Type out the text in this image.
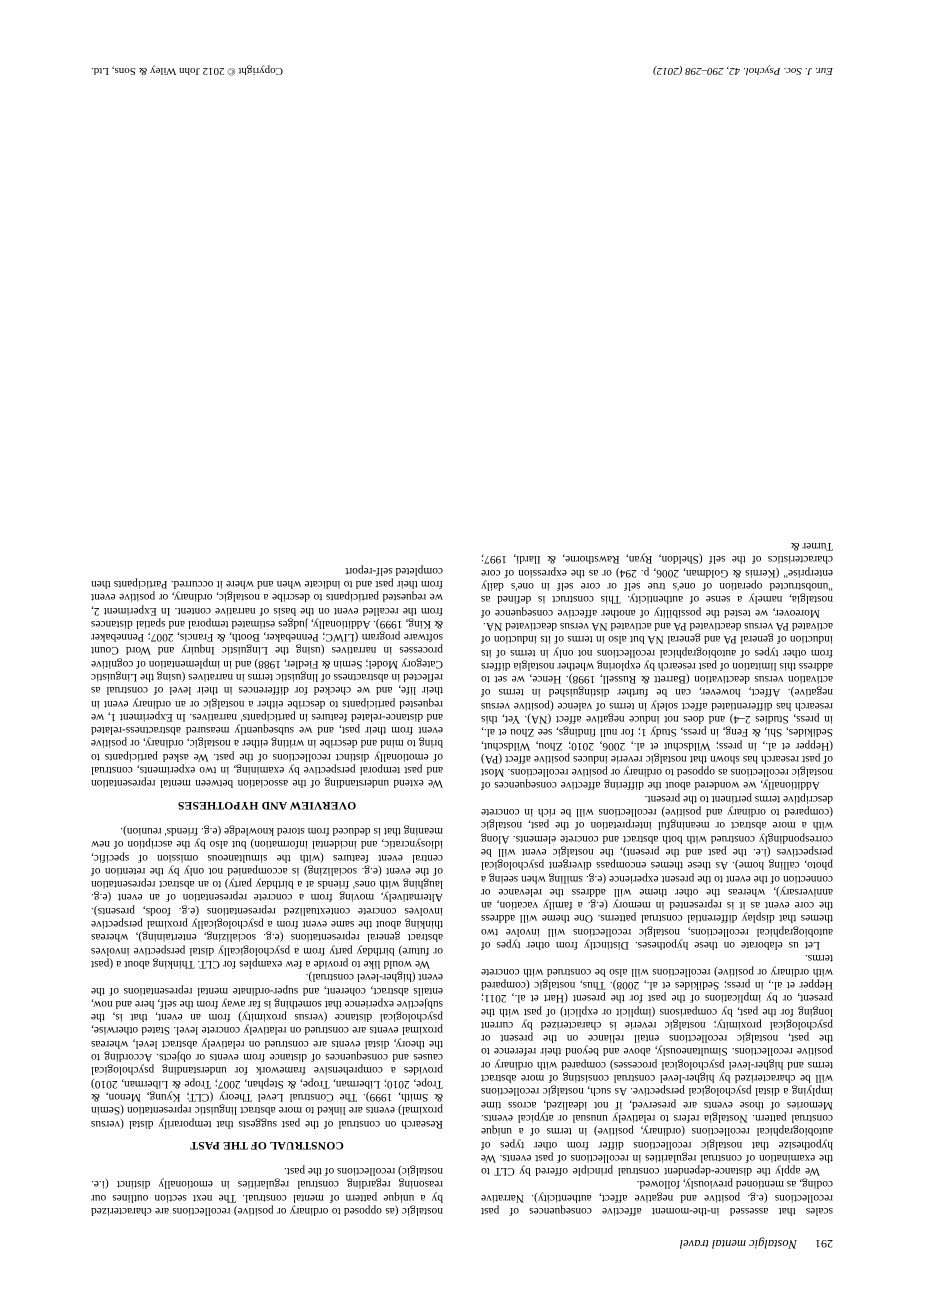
291
Nostalgic mental travel

scales that assessed in-the-moment affective consequences of past recollections (e.g. positive and negative affect, authenticity). Narrative coding, as mentioned previously, followed.

We apply the distance-dependent construal principle offered by CLT to the examination of construal regularities in recollections of past events. We hypothesize that nostalgic recollections differ from other types of autobiographical recollections (ordinary, positive) in terms of a unique construal pattern. Nostalgia refers to relatively unusual or atypical events. Memories of those events are preserved, if not idealized, across time implying a distal psychological perspective. As such, nostalgic recollections will be characterized by higher-level construal consisting of more abstract terms and higher-level psychological processes) compared with ordinary or positive recollections. Simultaneously, above and beyond their reference to the past, nostalgic recollections entail reliance on the present or psychological proximity; nostalgic reverie is characterized by current longing for the past, by comparisons (implicit or explicit) of past with the present, or by implications of the past for the present (Hart et al., 2011; Hepper et al., in press; Sedikides et al., 2008). Thus, nostalgic (compared with ordinary or positive) recollections will also be construed with concrete terms.

Let us elaborate on these hypotheses. Distinctly from other types of autobiographical recollections, nostalgic recollections will involve two themes that display differential construal patterns. One theme will address the core event as it is represented in memory (e.g. a family vacation, an anniversary), whereas the other theme will address the relevance or connection of the event to the present experience (e.g. smiling when seeing a photo, calling home). As these themes encompass divergent psychological perspectives (i.e. the past and the present), the nostalgic event will be correspondingly construed with both abstract and concrete elements. Along with a more abstract or meaningful interpretation of the past, nostalgic (compared to ordinary and positive) recollections will be rich in concrete descriptive terms pertinent to the present.

Additionally, we wondered about the differing affective consequences of nostalgic recollections as opposed to ordinary or positive recollections. Most of past research has shown that nostalgic reverie induces positive affect (PA) (Hepper et al., in press; Wildschut et al., 2006, 2010; Zhou, Wildschut, Sedikides, Shi, & Feng, in press, Study 1; for null findings, see Zhou et al., in press, Studies 2–4) and does not induce negative affect (NA). Yet, this research has differentiated affect solely in terms of valence (positive versus negative). Affect, however, can be further distinguished in terms of activation versus deactivation (Barrett & Russell, 1998). Hence, we set to address this limitation of past research by exploring whether nostalgia differs from other types of autobiographical recollections not only in terms of its induction of general PA and general NA but also in terms of its induction of activated PA versus deactivated PA and activated NA versus deactivated NA.

Moreover, we tested the possibility of another affective consequence of nostalgia, namely a sense of authenticity. This construct is defined as "unobstructed operation of one's true self or core self in one's daily enterprise" (Kernis & Goldman, 2006, p. 294) or as the expression of core characteristics of the self (Sheldon, Ryan, Rawsthorne, & Ilardi, 1997; Turner &

nostalgic (as opposed to ordinary or positive) recollections are characterized by a unique pattern of mental construal. The next section outlines our reasoning regarding construal regularities in emotionally distinct (i.e. nostalgic) recollections of the past.

CONSTRUAL OF THE PAST

Research on construal of the past suggests that temporarily distal (versus proximal) events are linked to more abstract linguistic representation (Semin & Smith, 1999). The Construal Level Theory (CLT; Kyung, Menon, & Trope, 2010; Liberman, Trope, & Stephan, 2007; Trope & Liberman, 2010) provides a comprehensive framework for understanding psychological causes and consequences of distance from events or objects. According to the theory, distal events are construed on relatively abstract level, whereas proximal events are construed on relatively concrete level. Stated otherwise, psychological distance (versus proximity) from an event, that is, the subjective experience that something is far away from the self, here and now, entails abstract, coherent, and super-ordinate mental representations of the event (higher-level construal).

We would like to provide a few examples for CLT. Thinking about a (past or future) birthday party from a psychologically distal perspective involves abstract general representations (e.g. socializing, entertaining), whereas thinking about the same event from a psychologically proximal perspective involves concrete contextualized representations (e.g. foods, presents). Alternatively, moving from a concrete representation of an event (e.g. laughing with ones' friends at a birthday party) to an abstract representation of the event (e.g. socializing) is accompanied not only by the retention of central event features (with the simultaneous omission of specific, idiosyncratic, and incidental information) but also by the ascription of new meaning that is deduced from stored knowledge (e.g. friends' reunion).

OVERVIEW AND HYPOTHESES

We extend understanding of the association between mental representation and past temporal perspective by examining, in two experiments, construal of emotionally distinct recollections of the past. We asked participants to bring to mind and describe in writing either a nostalgic, ordinary, or positive event from their past, and we subsequently measured abstractness-related and distance-related features in participants' narratives. In Experiment 1, we requested participants to describe either a nostalgic or an ordinary event in their life, and we checked for differences in their level of construal as reflected in abstractness of linguistic terms in narratives (using the Linguistic Category Model; Semin & Fiedler, 1988) and in implementation of cognitive processes in narratives (using the Linguistic Inquiry and Word Count software program (LIWC; Pennebaker, Booth, & Francis, 2007; Pennebaker & King, 1999). Additionally, judges estimated temporal and spatial distances from the recalled event on the basis of narrative content. In Experiment 2, we requested participants to describe a nostalgic, ordinary, or positive event from their past and to indicate when and where it occurred. Participants then completed self-report

Eur. J. Soc. Psychol. 42, 290–298 (2012)
Copyright © 2012 John Wiley & Sons, Ltd.
